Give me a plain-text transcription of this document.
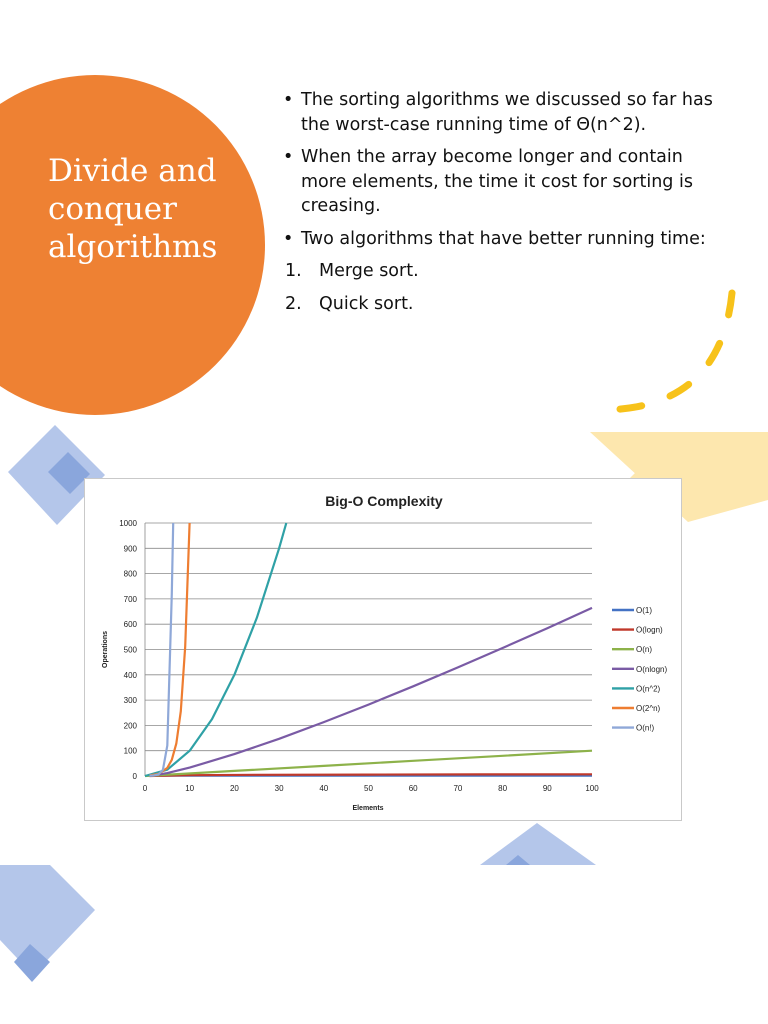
Divide and conquer algorithms
• The sorting algorithms we discussed so far has the worst-case running time of Θ(n^2).
• When the array become longer and contain more elements, the time it cost for sorting is creasing.
• Two algorithms that have better running time:
1. Merge sort.
2. Quick sort.
Big-O Complexity
Operations
Elements
0
100
200
300
400
500
600
700
800
900
1000
0	10	20	30	40	50	60	70	80	90	100
O(1)
O(logn)
O(n)
O(nlogn)
O(n^2)
O(2^n)
O(n!)
